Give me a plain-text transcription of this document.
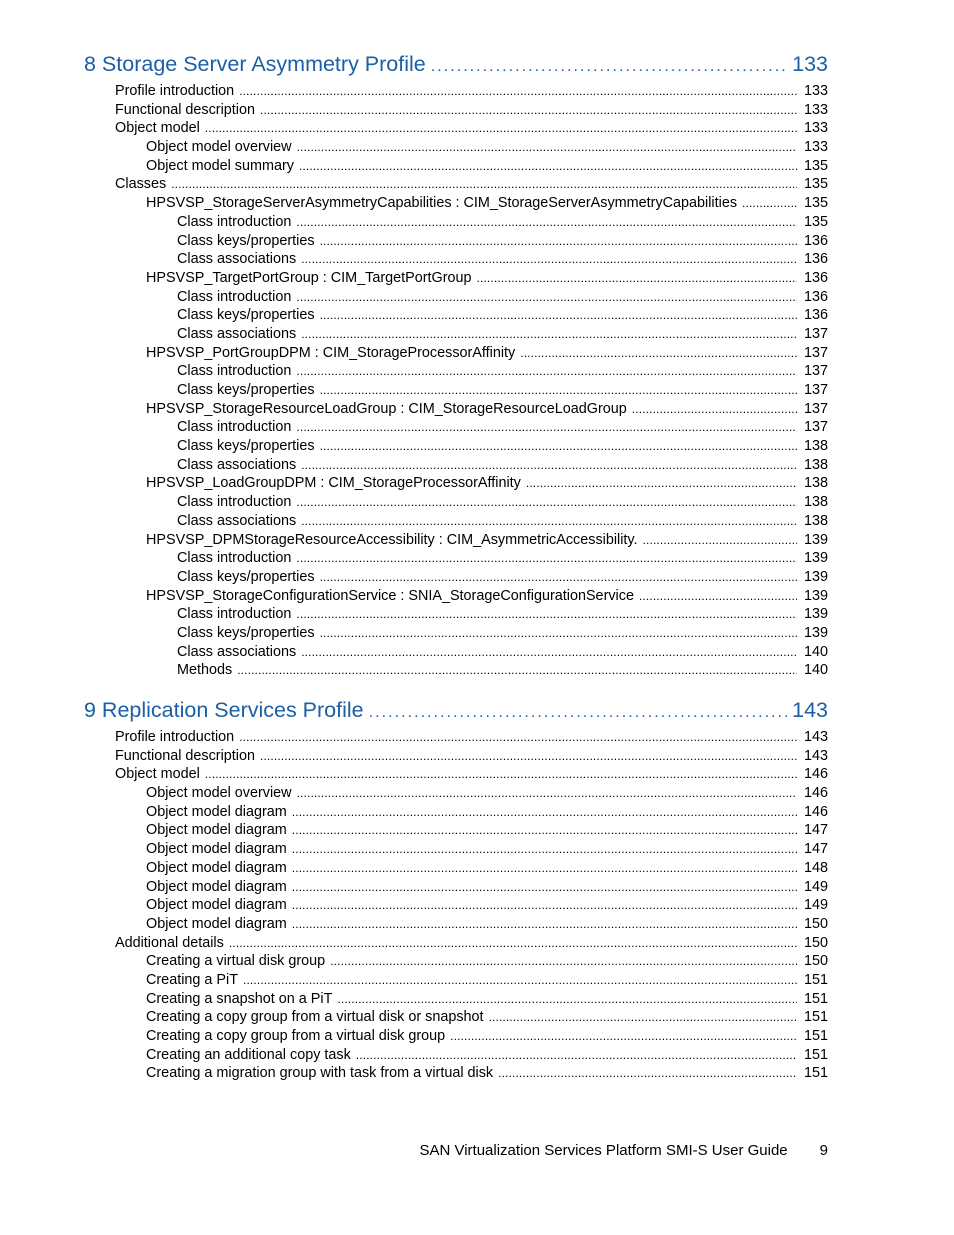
8 Storage Server Asymmetry Profile . . .	133
Profile introduction . . .	133
Functional description . . .	133
Object model . . .	133
Object model overview . . .	133
Object model summary . . .	135
Classes . . .	135
HPSVSP_StorageServerAsymmetryCapabilities : CIM_StorageServerAsymmetryCapabilities . . .	135
Class introduction . . .	135
Class keys/properties . . .	136
Class associations . . .	136
HPSVSP_TargetPortGroup : CIM_TargetPortGroup . . .	136
Class introduction . . .	136
Class keys/properties . . .	136
Class associations . . .	137
HPSVSP_PortGroupDPM : CIM_StorageProcessorAffinity . . .	137
Class introduction . . .	137
Class keys/properties . . .	137
HPSVSP_StorageResourceLoadGroup : CIM_StorageResourceLoadGroup . . .	137
Class introduction . . .	137
Class keys/properties . . .	138
Class associations . . .	138
HPSVSP_LoadGroupDPM : CIM_StorageProcessorAffinity . . .	138
Class introduction . . .	138
Class associations . . .	138
HPSVSP_DPMStorageResourceAccessibility : CIM_AsymmetricAccessibility. . . .	139
Class introduction . . .	139
Class keys/properties . . .	139
HPSVSP_StorageConfigurationService : SNIA_StorageConfigurationService . . .	139
Class introduction . . .	139
Class keys/properties . . .	139
Class associations . . .	140
Methods . . .	140
9 Replication Services Profile . . .	143
Profile introduction . . .	143
Functional description . . .	143
Object model . . .	146
Object model overview . . .	146
Object model diagram . . .	146
Object model diagram . . .	147
Object model diagram . . .	147
Object model diagram . . .	148
Object model diagram . . .	149
Object model diagram . . .	149
Object model diagram . . .	150
Additional details . . .	150
Creating a virtual disk group . . .	150
Creating a PiT . . .	151
Creating a snapshot on a PiT . . .	151
Creating a copy group from a virtual disk or snapshot . . .	151
Creating a copy group from a virtual disk group . . .	151
Creating an additional copy task . . .	151
Creating a migration group with task from a virtual disk . . .	151
SAN Virtualization Services Platform SMI-S User Guide 9
